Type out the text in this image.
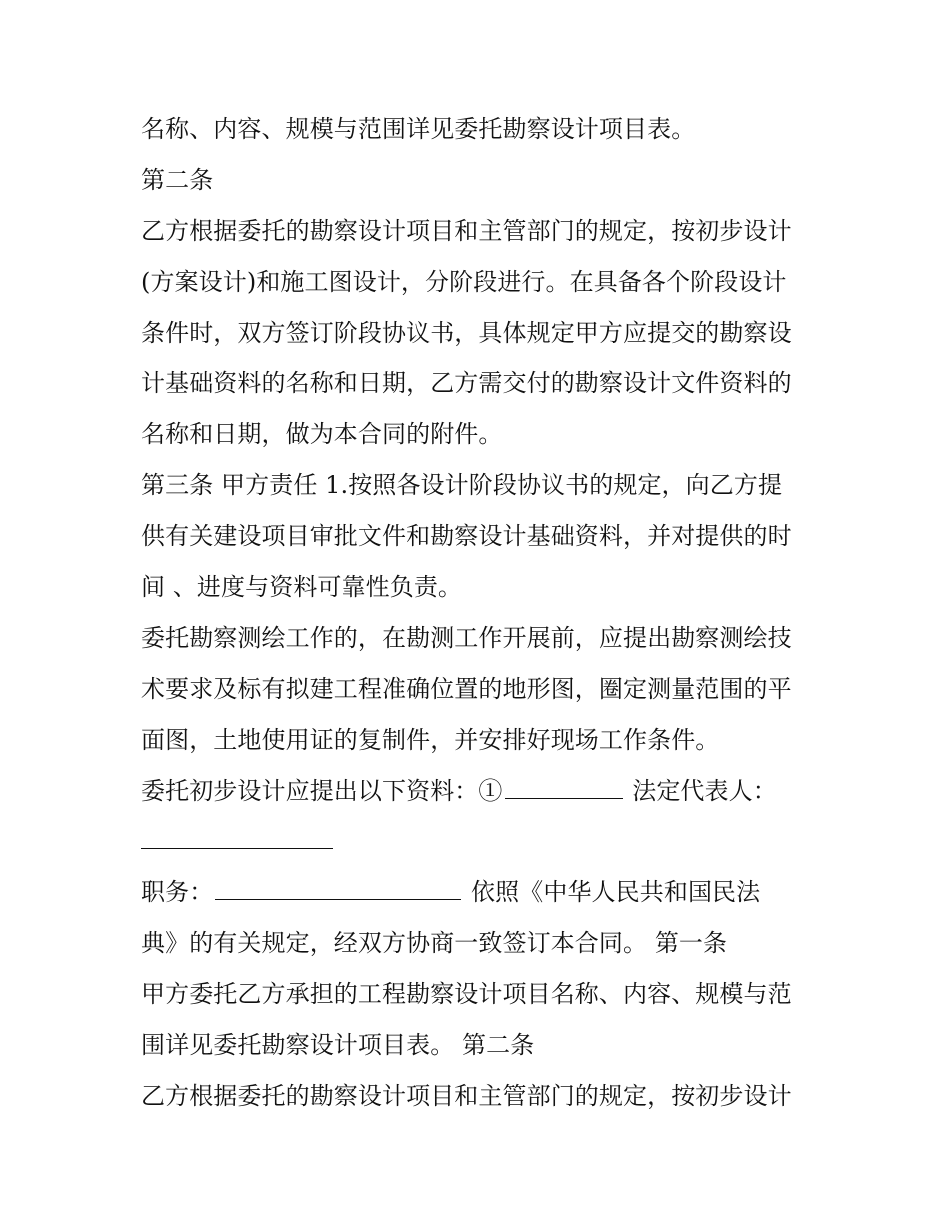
名称、内容、规模与范围详见委托勘察设计项目表。
第二条
乙方根据委托的勘察设计项目和主管部门的规定，按初步设计
(方案设计)和施工图设计，分阶段进行。在具备各个阶段设计
条件时，双方签订阶段协议书，具体规定甲方应提交的勘察设
计基础资料的名称和日期，乙方需交付的勘察设计文件资料的
名称和日期，做为本合同的附件。
第三条 甲方责任 1.按照各设计阶段协议书的规定，向乙方提
供有关建设项目审批文件和勘察设计基础资料，并对提供的时
间 、进度与资料可靠性负责。
委托勘察测绘工作的，在勘测工作开展前，应提出勘察测绘技
术要求及标有拟建工程准确位置的地形图，圈定测量范围的平
面图，土地使用证的复制件，并安排好现场工作条件。
委托初步设计应提出以下资料：①	法定代表人：
职务：	依照《中华人民共和国民法
典》的有关规定，经双方协商一致签订本合同。 第一条
甲方委托乙方承担的工程勘察设计项目名称、内容、规模与范
围详见委托勘察设计项目表。 第二条
乙方根据委托的勘察设计项目和主管部门的规定，按初步设计
